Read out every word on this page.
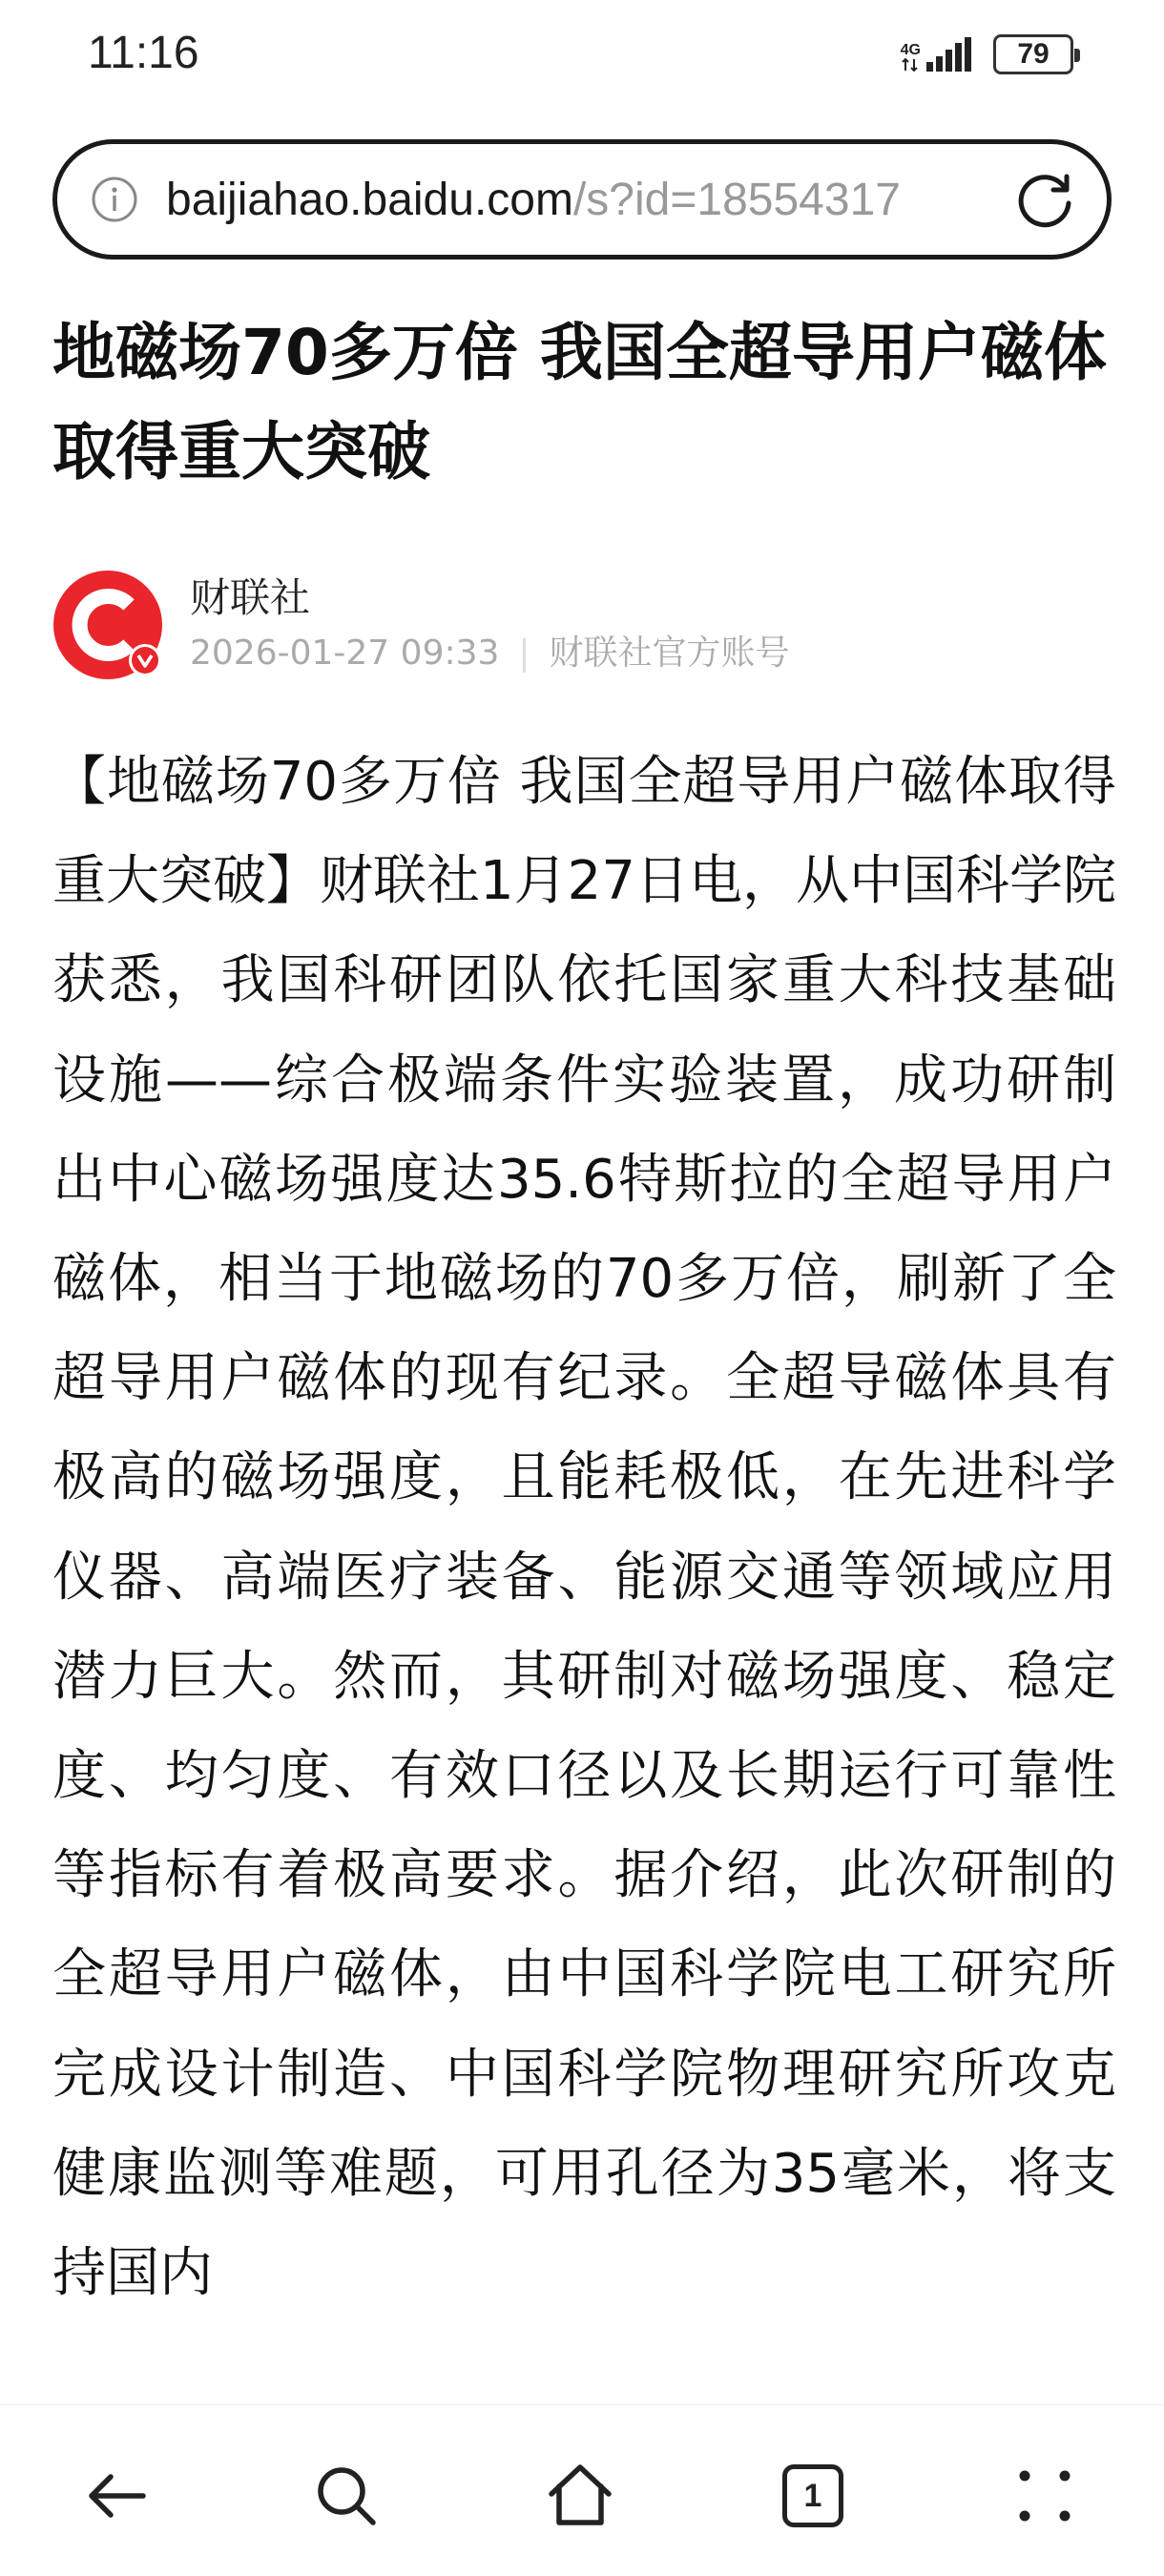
11:16	4G	79
baijiahao.baidu.com/s?id=18554317
地磁场70多万倍 我国全超导用户磁体取得重大突破
财联社
2026-01-27 09:33 | 财联社官方账号

【地磁场70多万倍 我国全超导用户磁体取得重大突破】财联社1月27日电，从中国科学院获悉，我国科研团队依托国家重大科技基础设施——综合极端条件实验装置，成功研制出中心磁场强度达35.6特斯拉的全超导用户磁体，相当于地磁场的70多万倍，刷新了全超导用户磁体的现有纪录。全超导磁体具有极高的磁场强度，且能耗极低，在先进科学仪器、高端医疗装备、能源交通等领域应用潜力巨大。然而，其研制对磁场强度、稳定度、均匀度、有效口径以及长期运行可靠性等指标有着极高要求。据介绍，此次研制的全超导用户磁体，由中国科学院电工研究所完成设计制造、中国科学院物理研究所攻克健康监测等难题，可用孔径为35毫米，将支持国内

1
